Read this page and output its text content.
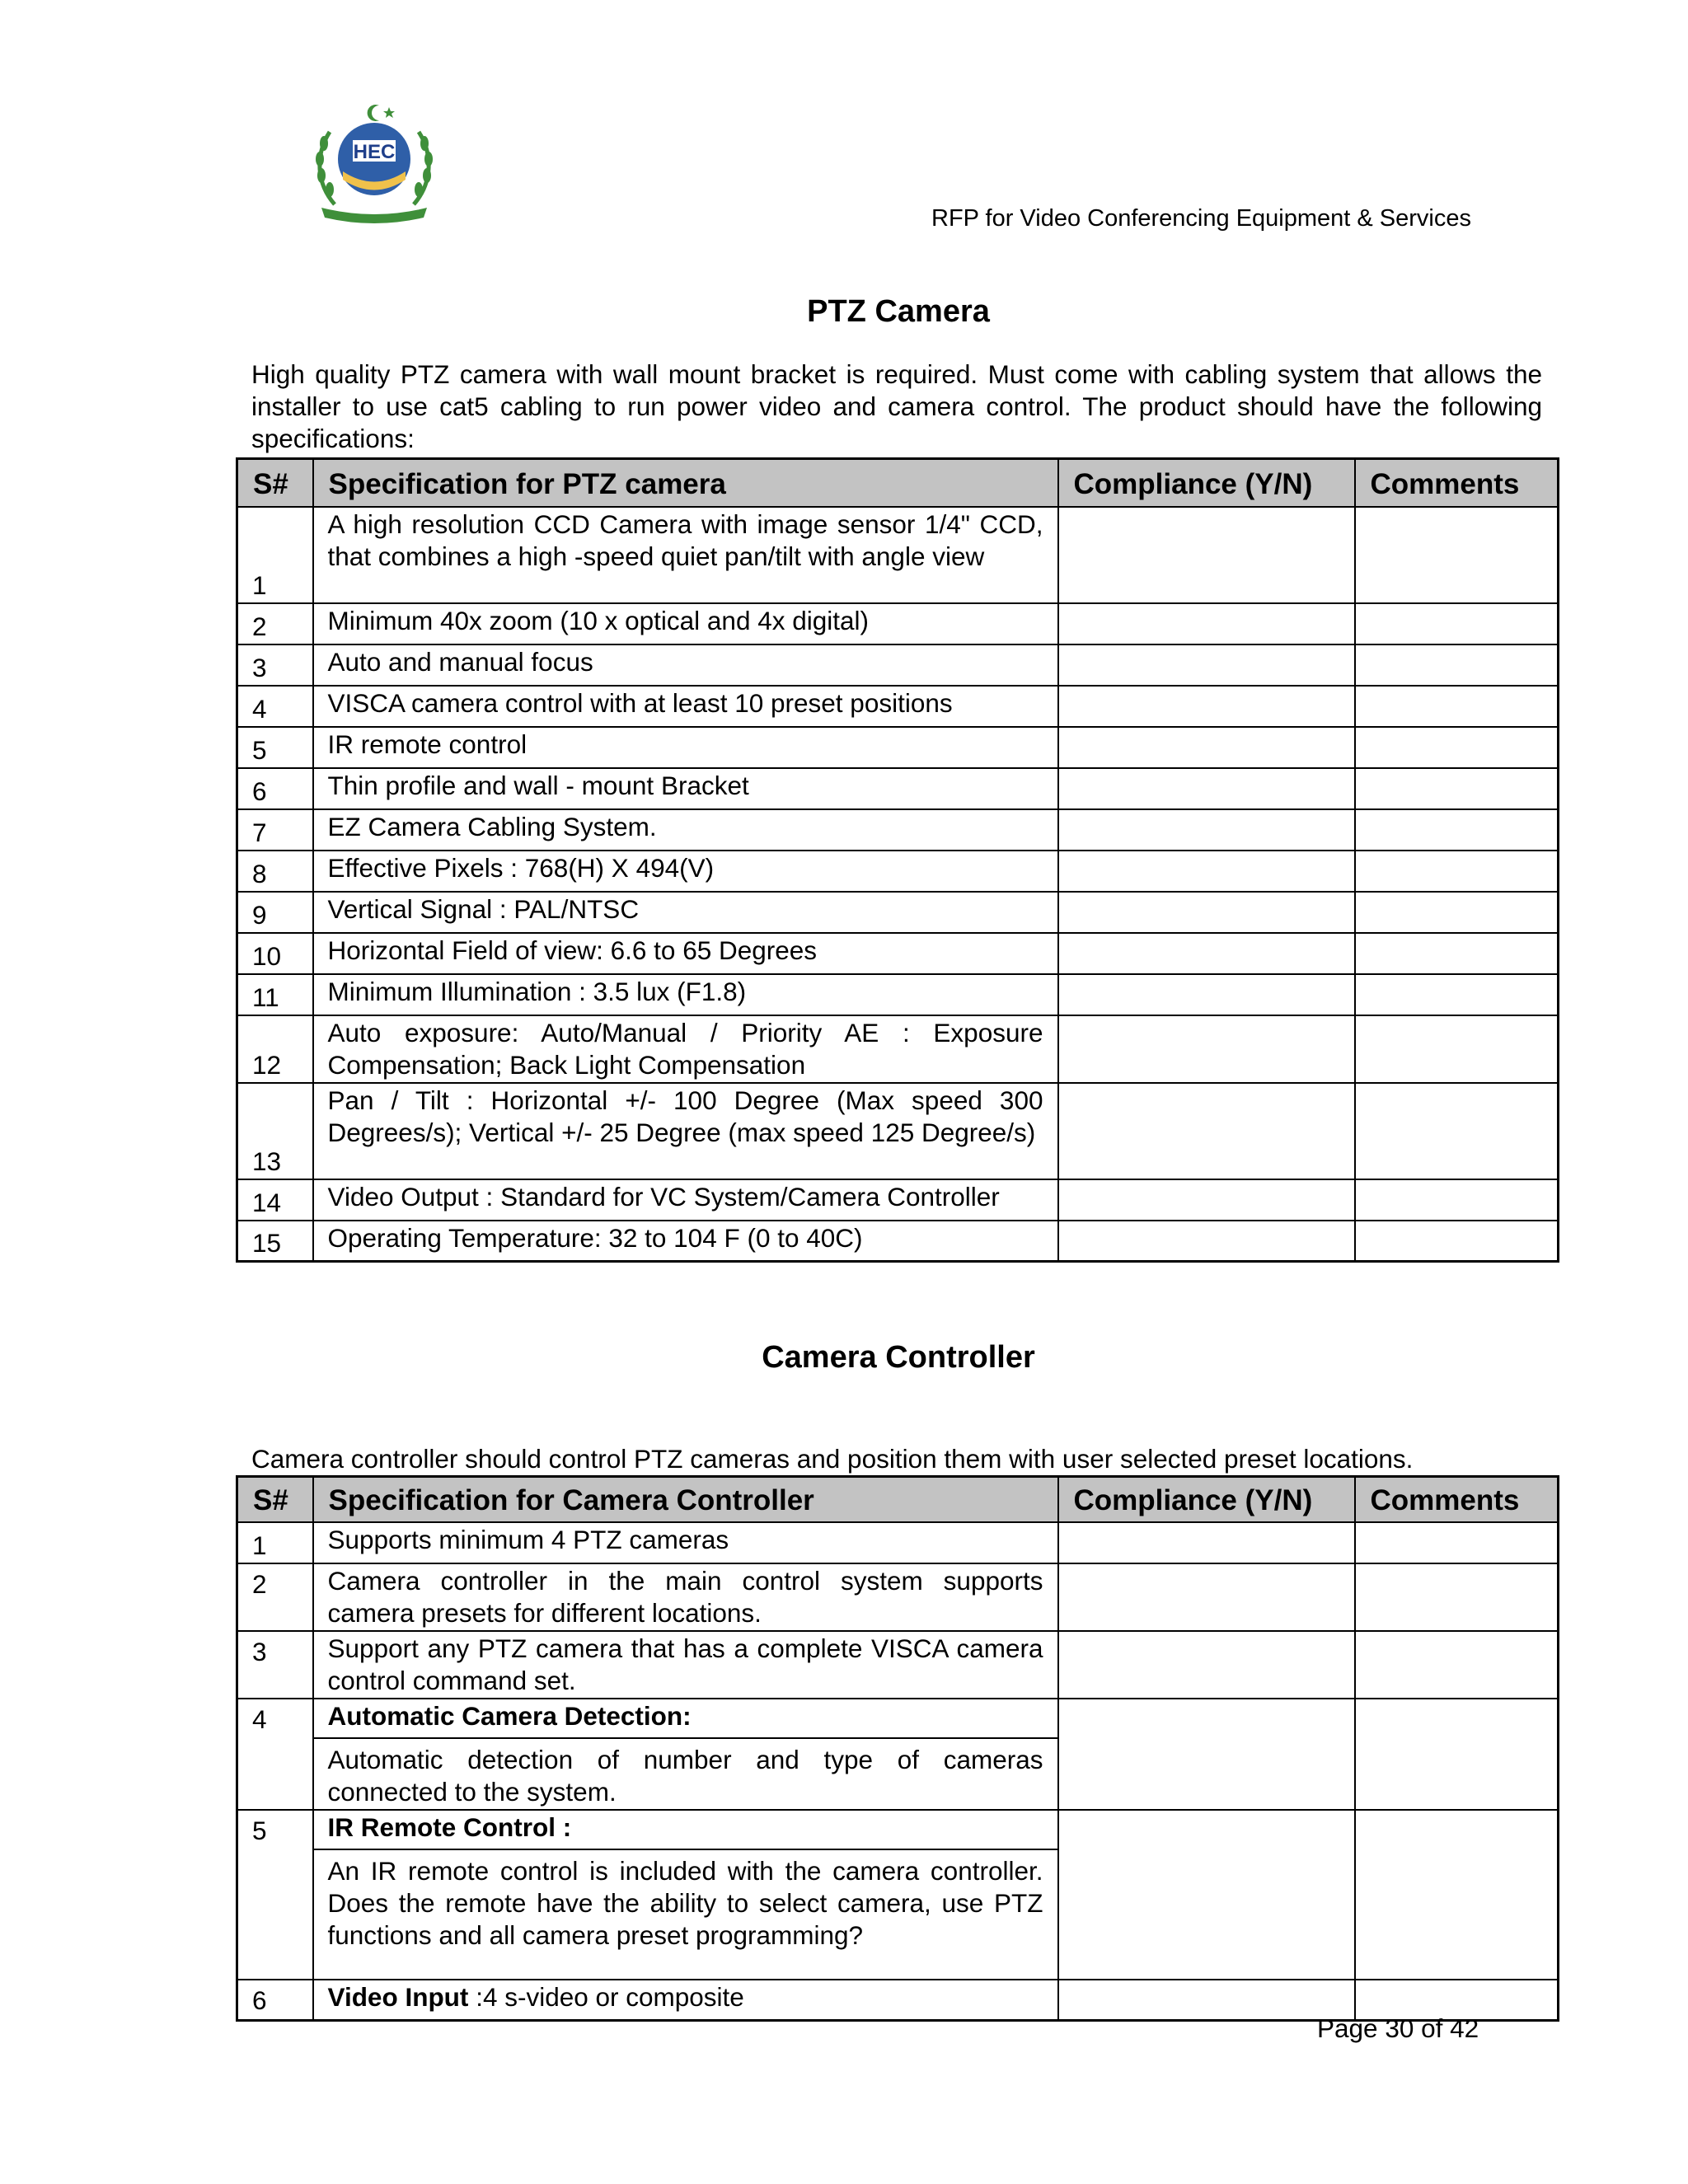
HEC
RFP for Video Conferencing Equipment & Services
PTZ Camera
High quality PTZ camera with wall mount bracket is required. Must come with cabling system that allows the installer to use cat5 cabling to run power video and camera control. The product should have the following specifications:
S#	Specification for PTZ camera	Compliance (Y/N)	Comments
1	A high resolution CCD Camera with image sensor 1/4" CCD, that combines a high -speed quiet pan/tilt with angle view		
2	Minimum 40x zoom (10 x optical and 4x digital)		
3	Auto and manual focus		
4	VISCA camera control with at least 10 preset positions		
5	IR remote control		
6	Thin profile and wall - mount Bracket		
7	EZ Camera Cabling System.		
8	Effective Pixels : 768(H) X 494(V)		
9	Vertical Signal : PAL/NTSC		
10	Horizontal Field of view: 6.6 to 65 Degrees		
11	Minimum Illumination : 3.5 lux (F1.8)		
12	Auto exposure: Auto/Manual / Priority AE : Exposure Compensation; Back Light Compensation		
13	Pan / Tilt : Horizontal +/- 100 Degree (Max speed 300 Degrees/s); Vertical +/- 25 Degree (max speed 125 Degree/s)		
14	Video Output : Standard for VC System/Camera Controller		
15	Operating Temperature: 32 to 104 F (0 to 40C)		
Camera Controller
Camera controller should control PTZ cameras and position them with user selected preset locations.
S#	Specification for Camera Controller	Compliance (Y/N)	Comments
1	Supports minimum 4 PTZ cameras		
2	Camera controller in the main control system supports camera presets for different locations.		
3	Support any PTZ camera that has a complete VISCA camera control command set.		
4	Automatic Camera Detection:
Automatic detection of number and type of cameras connected to the system.		

5	IR Remote Control :
An IR remote control is included with the camera controller. Does the remote have the ability to select camera, use PTZ functions and all camera preset programming?		

6	Video Input :4 s-video or composite		
Page 30 of 42
